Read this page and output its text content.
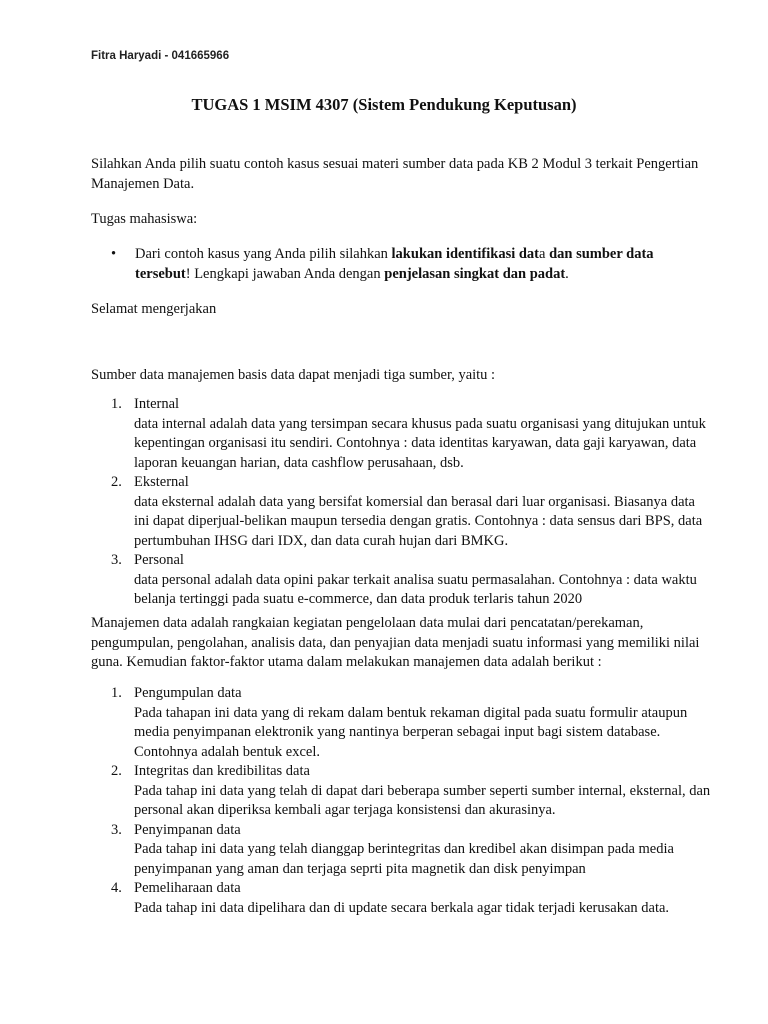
Fitra Haryadi - 041665966
TUGAS 1 MSIM 4307 (Sistem Pendukung Keputusan)
Silahkan Anda pilih suatu contoh kasus sesuai materi sumber data pada KB 2 Modul 3 terkait Pengertian Manajemen Data.
Tugas mahasiswa:
• Dari contoh kasus yang Anda pilih silahkan lakukan identifikasi data dan sumber data tersebut! Lengkapi jawaban Anda dengan penjelasan singkat dan padat.
Selamat mengerjakan
Sumber data manajemen basis data dapat menjadi tiga sumber, yaitu :
1. Internal
data internal adalah data yang tersimpan secara khusus pada suatu organisasi yang ditujukan untuk kepentingan organisasi itu sendiri. Contohnya : data identitas karyawan, data gaji karyawan, data laporan keuangan harian, data cashflow perusahaan, dsb.
2. Eksternal
data eksternal adalah data yang bersifat komersial dan berasal dari luar organisasi. Biasanya data ini dapat diperjual-belikan maupun tersedia dengan gratis. Contohnya : data sensus dari BPS, data pertumbuhan IHSG dari IDX, dan data curah hujan dari BMKG.
3. Personal
data personal adalah data opini pakar terkait analisa suatu permasalahan. Contohnya : data waktu belanja tertinggi pada suatu e-commerce, dan data produk terlaris tahun 2020
Manajemen data adalah rangkaian kegiatan pengelolaan data mulai dari pencatatan/perekaman, pengumpulan, pengolahan, analisis data, dan penyajian data menjadi suatu informasi yang memiliki nilai guna. Kemudian faktor-faktor utama dalam melakukan manajemen data adalah berikut :
1. Pengumpulan data
Pada tahapan ini data yang di rekam dalam bentuk rekaman digital pada suatu formulir ataupun media penyimpanan elektronik yang nantinya berperan sebagai input bagi sistem database. Contohnya adalah bentuk excel.
2. Integritas dan kredibilitas data
Pada tahap ini data yang telah di dapat dari beberapa sumber seperti sumber internal, eksternal, dan personal akan diperiksa kembali agar terjaga konsistensi dan akurasinya.
3. Penyimpanan data
Pada tahap ini data yang telah dianggap berintegritas dan kredibel akan disimpan pada media penyimpanan yang aman dan terjaga seprti pita magnetik dan disk penyimpan
4. Pemeliharaan data
Pada tahap ini data dipelihara dan di update secara berkala agar tidak terjadi kerusakan data.
